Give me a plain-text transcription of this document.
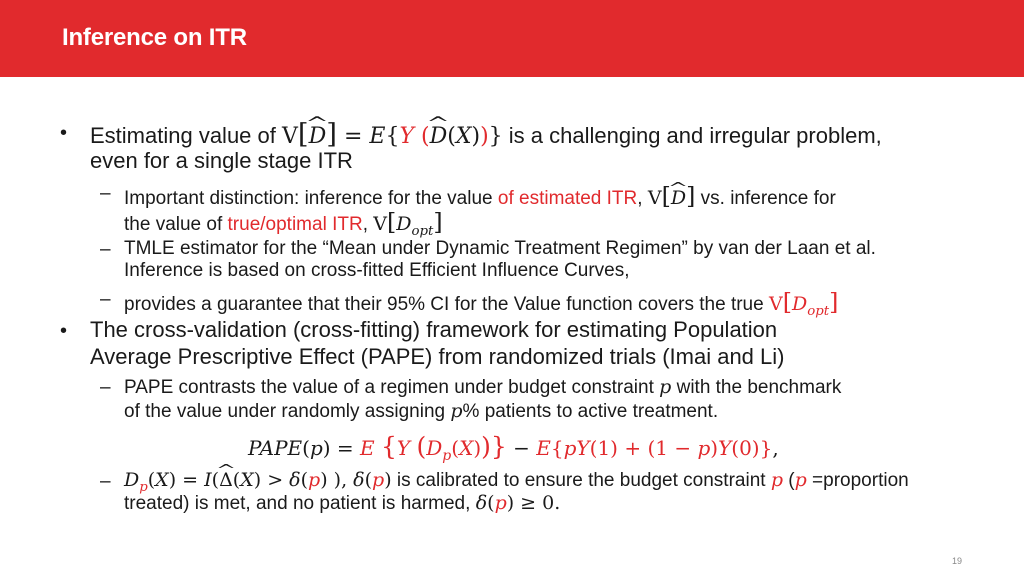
Inference on ITR
• Estimating value of V[^ D] = E{Y (^ D(X))} is a challenging and irregular problem,
even for a single stage ITR
– Important distinction: inference for the value of estimated ITR, V[^ D] vs. inference for
the value of true/optimal ITR, $V[D_{opt}]$
– TMLE estimator for the “Mean under Dynamic Treatment Regimen” by van der Laan et al.
Inference is based on cross-fitted Efficient Influence Curves,
– provides a guarantee that their 95% CI for the Value function covers the true $V[D_{opt}]$
• The cross-validation (cross-fitting) framework for estimating Population
Average Prescriptive Effect (PAPE) from randomized trials (Imai and Li)
– PAPE contrasts the value of a regimen under budget constraint p with the benchmark
of the value under randomly assigning p% patients to active treatment.
PAPE(p) = E {Y $(D_p(X))\} - E\{pY(1) + (1 - p)Y(0)\}$,
– $D_p(X)$ = I(^ Δ(X) > δ(p) ), δ(p) is calibrated to ensure the budget constraint p (p =proportion
treated) is met, and no patient is harmed, δ(p) ≥ 0.
19
